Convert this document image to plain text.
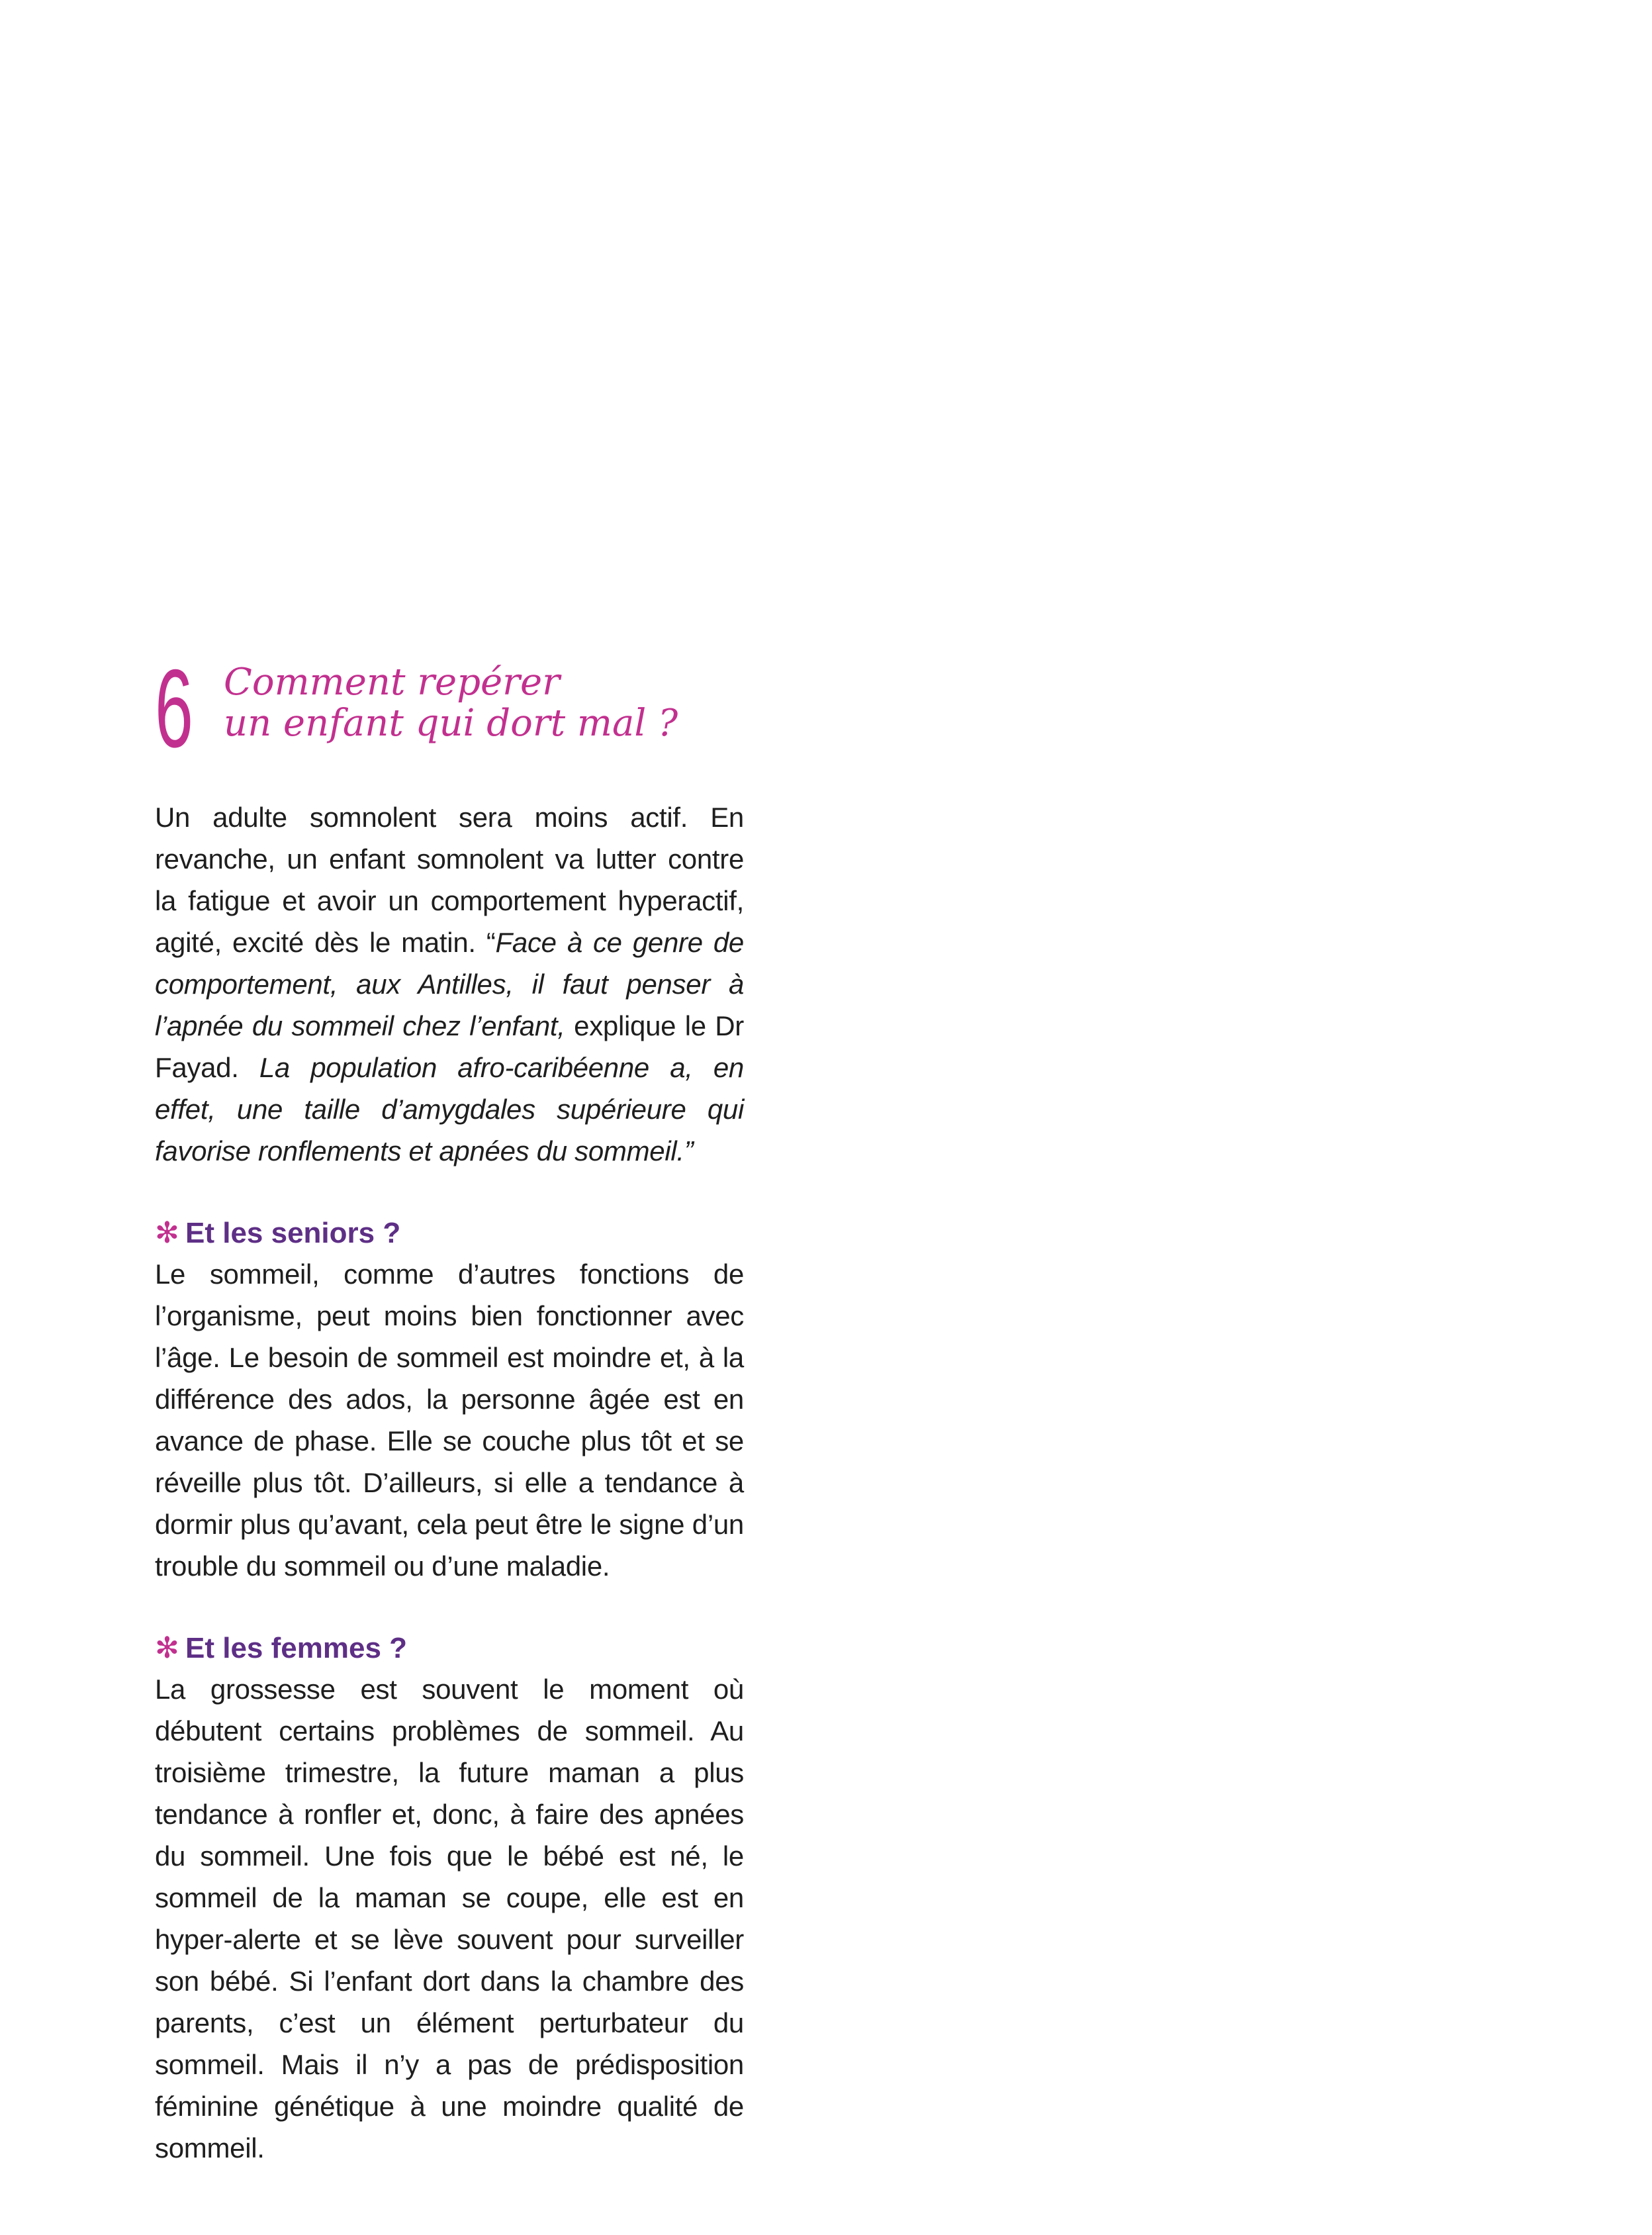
6 Comment repérer
un enfant qui dort mal ?

Un adulte somnolent sera moins actif. En revanche, un enfant somnolent va lutter contre la fatigue et avoir un comportement hyperactif, agité, excité dès le matin. “Face à ce genre de comportement, aux Antilles, il faut penser à l’apnée du sommeil chez l’enfant, explique le Dr Fayad. La population afro-caribéenne a, en effet, une taille d’amygdales supérieure qui favorise ronflements et apnées du sommeil.”

✻ Et les seniors ?

Le sommeil, comme d’autres fonctions de l’organisme, peut moins bien fonctionner avec l’âge. Le besoin de sommeil est moindre et, à la différence des ados, la personne âgée est en avance de phase. Elle se couche plus tôt et se réveille plus tôt. D’ailleurs, si elle a tendance à dormir plus qu’avant, cela peut être le signe d’un trouble du sommeil ou d’une maladie.

✻ Et les femmes ?

La grossesse est souvent le moment où débutent certains problèmes de sommeil. Au troisième trimestre, la future maman a plus tendance à ronfler et, donc, à faire des apnées du sommeil. Une fois que le bébé est né, le sommeil de la maman se coupe, elle est en hyper-alerte et se lève souvent pour surveiller son bébé. Si l’enfant dort dans la chambre des parents, c’est un élément perturbateur du sommeil. Mais il n’y a pas de prédisposition féminine génétique à une moindre qualité de sommeil.
